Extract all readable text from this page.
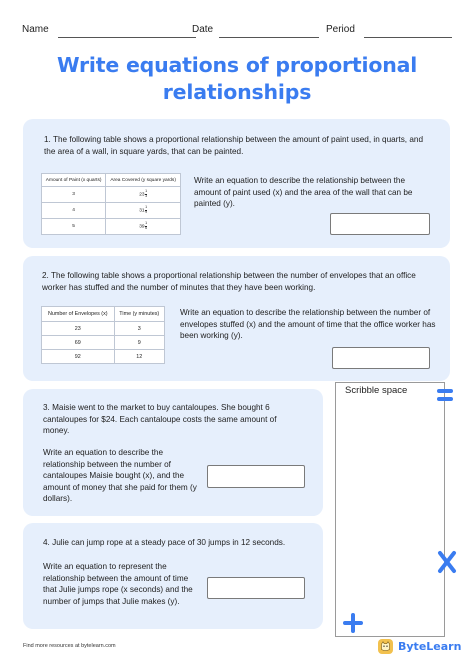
Name	Date	Period
Write equations of proportional
relationships
1. The following table shows a proportional relationship between the amount of paint used, in quarts, and the area of a wall, in square yards, that can be painted.
Amount of Paint (x quarts)	Area Covered (y square yards)
3	$23 \frac{1}{3}$

4	$31 \frac{1}{9}$

5	$39 \frac{1}{6}$
Write an equation to describe the relationship between the amount of paint used (x) and the area of the wall that can be painted (y).
2. The following table shows a proportional relationship between the number of envelopes that an office worker has stuffed and the number of minutes that they have been working.
Number of Envelopes (x)	Time (y minutes)
23	3
69	9
92	12
Write an equation to describe the relationship between the number of envelopes stuffed (x) and the amount of time that the office worker has been working (y).
3. Maisie went to the market to buy cantaloupes. She bought 6 cantaloupes for $24. Each cantaloupe costs the same amount of money.
Write an equation to describe the relationship between the number of cantaloupes Maisie bought (x), and the amount of money that she paid for them (y dollars).
4. Julie can jump rope at a steady pace of 30 jumps in 12 seconds.
Write an equation to represent the relationship between the amount of time that Julie jumps rope (x seconds) and the number of jumps that Julie makes (y).
Scribble space
Find more resources at bytelearn.com	ByteLearn
